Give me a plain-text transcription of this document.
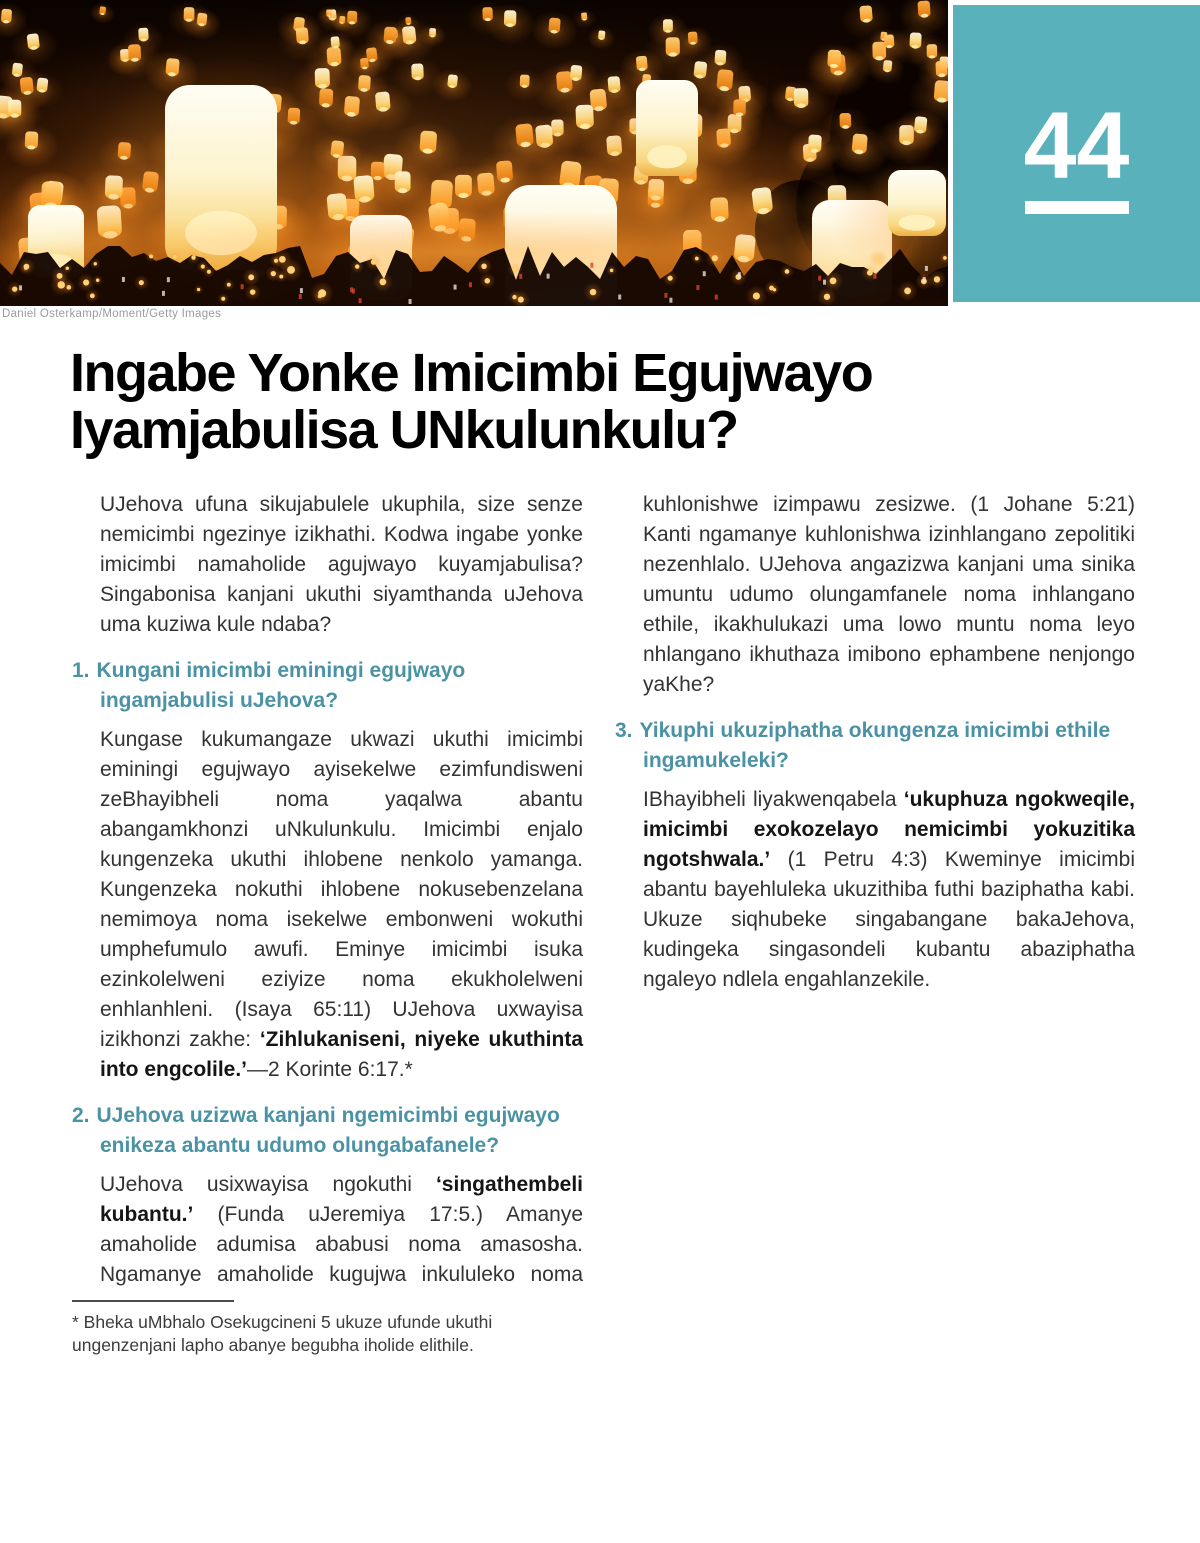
44
Daniel Osterkamp/Moment/Getty Images
Ingabe Yonke Imicimbi Egujwayo Iyamjabulisa UNkulunkulu?

UJehova ufuna sikujabulele ukuphila, size senze nemicimbi ngezinye izikhathi. Kodwa ingabe yonke imicimbi namaholide agujwayo kuyamjabulisa? Singabonisa kanjani ukuthi siyamthanda uJehova uma kuziwa kule ndaba?

1. Kungani imicimbi eminingi egujwayo ingamjabulisi uJehova?

Kungase kukumangaze ukwazi ukuthi imicimbi eminingi egujwayo ayisekelwe ezimfundisweni zeBhayibheli noma yaqalwa abantu abangamkhonzi uNkulunkulu. Imicimbi enjalo kungenzeka ukuthi ihlobene nenkolo yamanga. Kungenzeka nokuthi ihlobene nokusebenzelana nemimoya noma isekelwe embonweni wokuthi umphefumulo awufi. Eminye imicimbi isuka ezinkolelweni eziyize noma ekukholelweni enhlanhleni. (Isaya 65:11) UJehova uxwayisa izikhonzi zakhe: ‘Zihlukaniseni, niyeke ukuthinta into engcolile.’—2 Korinte 6:17.*

2. UJehova uzizwa kanjani ngemicimbi egujwayo enikeza abantu udumo olungabafanele?

UJehova usixwayisa ngokuthi ‘singathembeli kubantu.’ (Funda uJeremiya 17:5.) Amanye amaholide adumisa ababusi noma amasosha. Ngamanye amaholide kugujwa inkululeko noma

kuhlonishwe izimpawu zesizwe. (1 Johane 5:21) Kanti ngamanye kuhlonishwa izinhlangano zepolitiki nezenhlalo. UJehova angazizwa kanjani uma sinika umuntu udumo olungamfanele noma inhlangano ethile, ikakhulukazi uma lowo muntu noma leyo nhlangano ikhuthaza imibono ephambene nenjongo yaKhe?

3. Yikuphi ukuziphatha okungenza imicimbi ethile ingamukeleki?

IBhayibheli liyakwenqabela ‘ukuphuza ngokweqile, imicimbi exokozelayo nemicimbi yokuzitika ngotshwala.’ (1 Petru 4:3) Kweminye imicimbi abantu bayehluleka ukuzithiba futhi baziphatha kabi. Ukuze siqhubeke singabangane bakaJehova, kudingeka singasondeli kubantu abaziphatha ngaleyo ndlela engahlanzekile.

* Bheka uMbhalo Osekugcineni 5 ukuze ufunde ukuthi ungenzenjani lapho abanye begubha iholide elithile.
